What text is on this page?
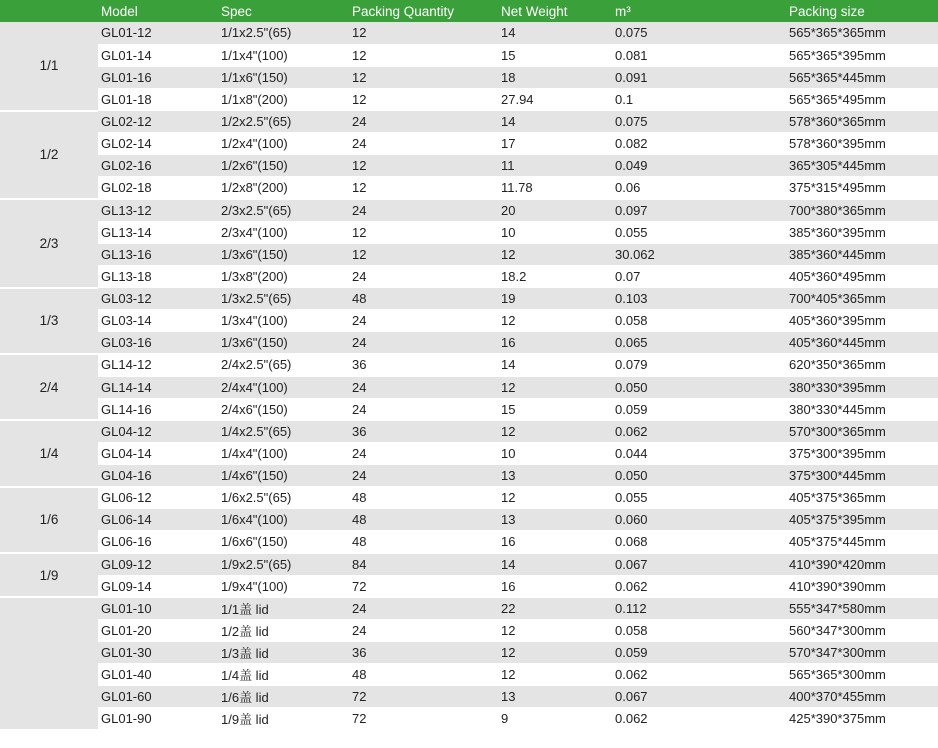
	Model	Spec	Packing Quantity	Net Weight	m³	Packing size
1/1	GL01-12	1/1x2.5"(65)	12	14	0.075	565*365*365mm
	GL01-14	1/1x4"(100)	12	15	0.081	565*365*395mm
	GL01-16	1/1x6"(150)	12	18	0.091	565*365*445mm
	GL01-18	1/1x8"(200)	12	27.94	0.1	565*365*495mm
1/2	GL02-12	1/2x2.5"(65)	24	14	0.075	578*360*365mm
	GL02-14	1/2x4"(100)	24	17	0.082	578*360*395mm
	GL02-16	1/2x6"(150)	12	11	0.049	365*305*445mm
	GL02-18	1/2x8"(200)	12	11.78	0.06	375*315*495mm
2/3	GL13-12	2/3x2.5"(65)	24	20	0.097	700*380*365mm
	GL13-14	2/3x4"(100)	12	10	0.055	385*360*395mm
	GL13-16	1/3x6"(150)	12	12	30.062	385*360*445mm
	GL13-18	1/3x8"(200)	24	18.2	0.07	405*360*495mm
1/3	GL03-12	1/3x2.5"(65)	48	19	0.103	700*405*365mm
	GL03-14	1/3x4"(100)	24	12	0.058	405*360*395mm
	GL03-16	1/3x6"(150)	24	16	0.065	405*360*445mm
2/4	GL14-12	2/4x2.5"(65)	36	14	0.079	620*350*365mm
	GL14-14	2/4x4"(100)	24	12	0.050	380*330*395mm
	GL14-16	2/4x6"(150)	24	15	0.059	380*330*445mm
1/4	GL04-12	1/4x2.5"(65)	36	12	0.062	570*300*365mm
	GL04-14	1/4x4"(100)	24	10	0.044	375*300*395mm
	GL04-16	1/4x6"(150)	24	13	0.050	375*300*445mm
1/6	GL06-12	1/6x2.5"(65)	48	12	0.055	405*375*365mm
	GL06-14	1/6x4"(100)	48	13	0.060	405*375*395mm
	GL06-16	1/6x6"(150)	48	16	0.068	405*375*445mm
1/9	GL09-12	1/9x2.5"(65)	84	14	0.067	410*390*420mm
	GL09-14	1/9x4"(100)	72	16	0.062	410*390*390mm
	GL01-10	1/1盖 lid	24	22	0.112	555*347*580mm
	GL01-20	1/2盖 lid	24	12	0.058	560*347*300mm
	GL01-30	1/3盖 lid	36	12	0.059	570*347*300mm
	GL01-40	1/4盖 lid	48	12	0.062	565*365*300mm
	GL01-60	1/6盖 lid	72	13	0.067	400*370*455mm
	GL01-90	1/9盖 lid	72	9	0.062	425*390*375mm
